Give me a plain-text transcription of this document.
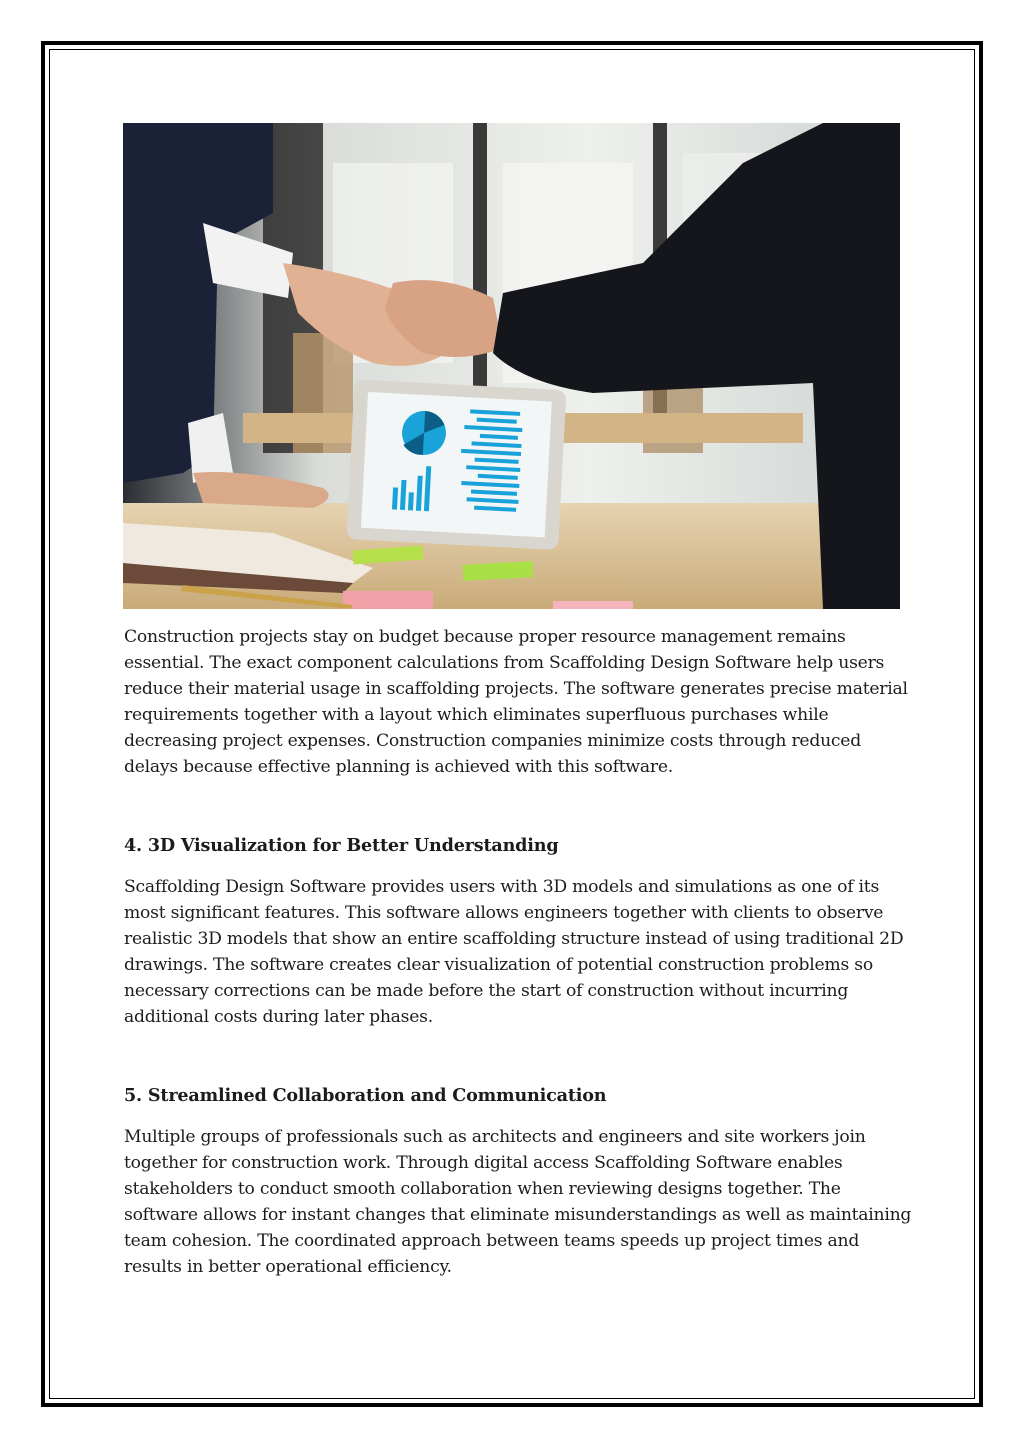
Construction projects stay on budget because proper resource management remains essential. The exact component calculations from Scaffolding Design Software help users reduce their material usage in scaffolding projects. The software generates precise material requirements together with a layout which eliminates superfluous purchases while decreasing project expenses. Construction companies minimize costs through reduced delays because effective planning is achieved with this software.

4. 3D Visualization for Better Understanding

Scaffolding Design Software provides users with 3D models and simulations as one of its most significant features. This software allows engineers together with clients to observe realistic 3D models that show an entire scaffolding structure instead of using traditional 2D drawings. The software creates clear visualization of potential construction problems so necessary corrections can be made before the start of construction without incurring additional costs during later phases.

5. Streamlined Collaboration and Communication

Multiple groups of professionals such as architects and engineers and site workers join together for construction work. Through digital access Scaffolding Software enables stakeholders to conduct smooth collaboration when reviewing designs together. The software allows for instant changes that eliminate misunderstandings as well as maintaining team cohesion. The coordinated approach between teams speeds up project times and results in better operational efficiency.
